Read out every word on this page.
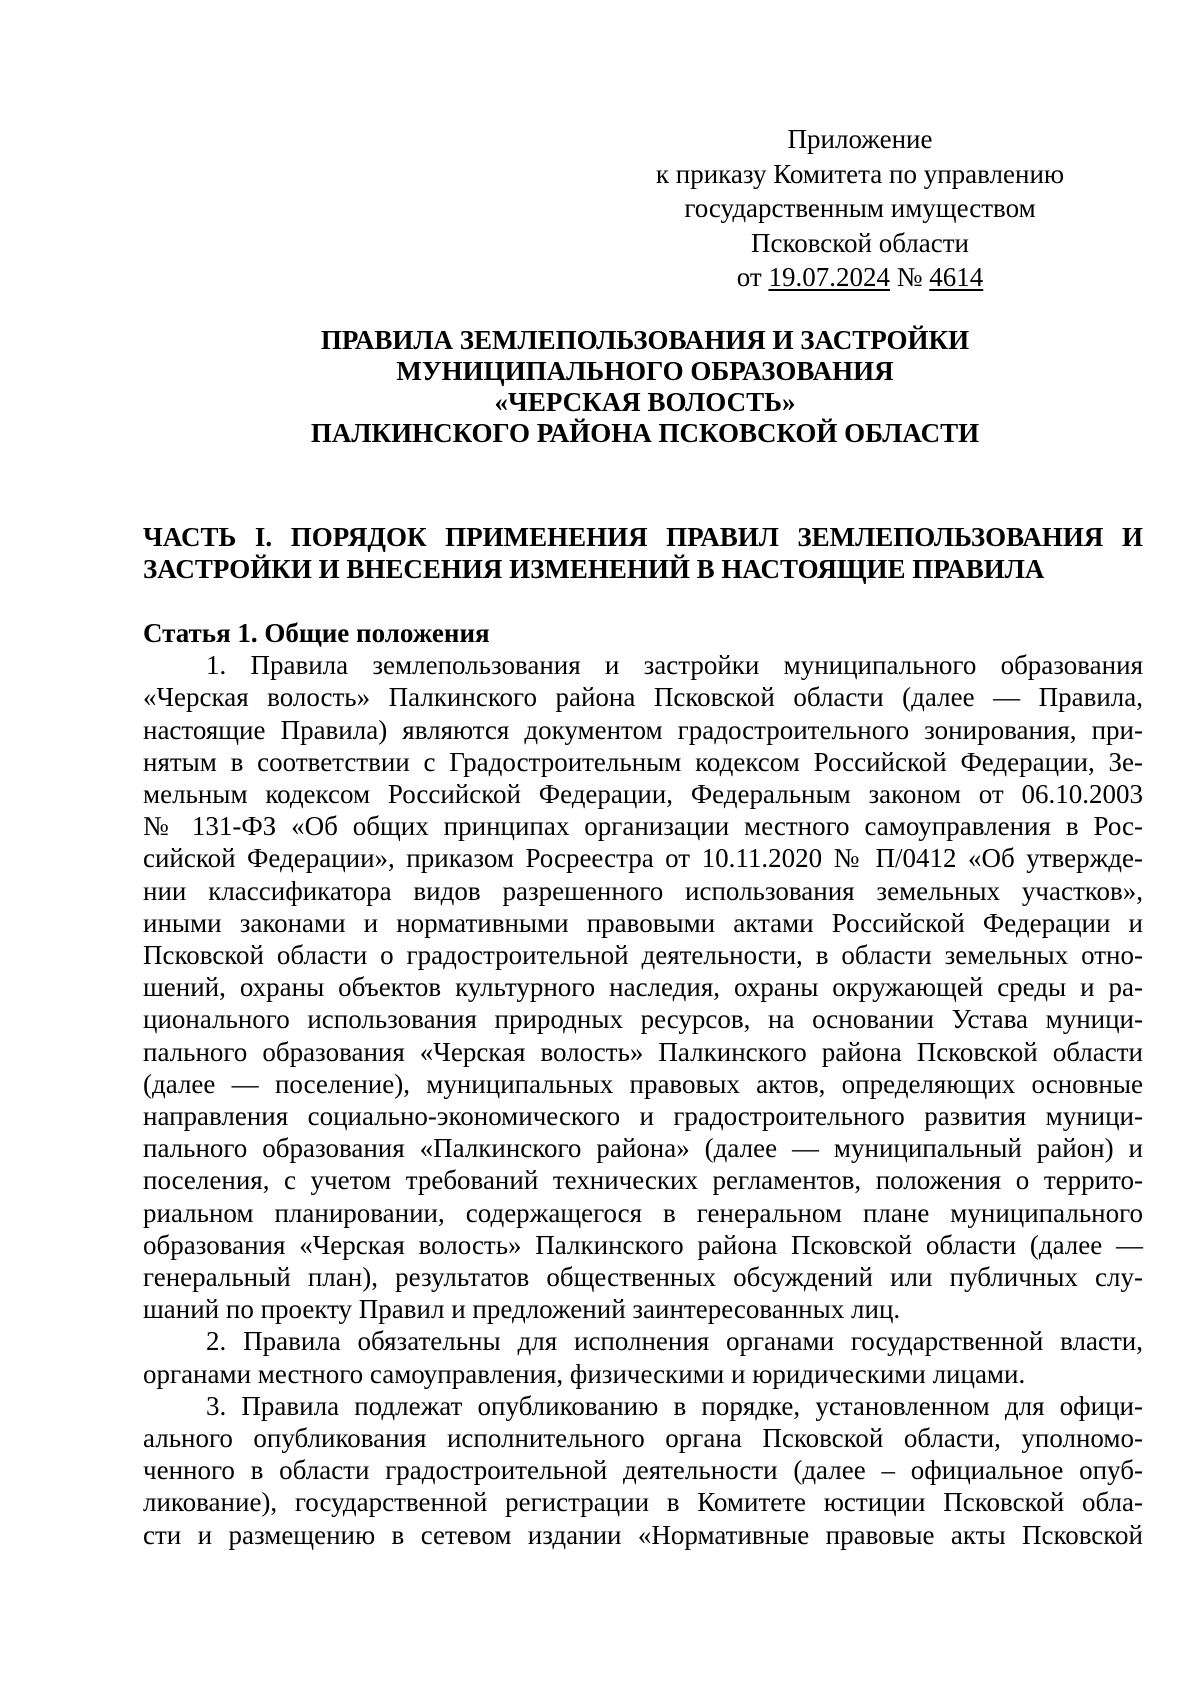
Приложение
к приказу Комитета по управлению
государственным имуществом
Псковской области
от 19.07.2024 № 4614
ПРАВИЛА ЗЕМЛЕПОЛЬЗОВАНИЯ И ЗАСТРОЙКИ
МУНИЦИПАЛЬНОГО ОБРАЗОВАНИЯ
«ЧЕРСКАЯ ВОЛОСТЬ»
ПАЛКИНСКОГО РАЙОНА ПСКОВСКОЙ ОБЛАСТИ
ЧАСТЬ I. ПОРЯДОК ПРИМЕНЕНИЯ ПРАВИЛ ЗЕМЛЕПОЛЬЗОВАНИЯ И
ЗАСТРОЙКИ И ВНЕСЕНИЯ ИЗМЕНЕНИЙ В НАСТОЯЩИЕ ПРАВИЛА
Статья 1. Общие положения
1. Правила землепользования и застройки муниципального образования
«Черская волость» Палкинского района Псковской области (далее — Правила,
настоящие Правила) являются документом градостроительного зонирования, при-
нятым в соответствии с Градостроительным кодексом Российской Федерации, Зе-
мельным кодексом Российской Федерации, Федеральным законом от 06.10.2003
№ 131-ФЗ «Об общих принципах организации местного самоуправления в Рос-
сийской Федерации», приказом Росреестра от 10.11.2020 № П/0412 «Об утвержде-
нии классификатора видов разрешенного использования земельных участков»,
иными законами и нормативными правовыми актами Российской Федерации и
Псковской области о градостроительной деятельности, в области земельных отно-
шений, охраны объектов культурного наследия, охраны окружающей среды и ра-
ционального использования природных ресурсов, на основании Устава муници-
пального образования «Черская волость» Палкинского района Псковской области
(далее — поселение), муниципальных правовых актов, определяющих основные
направления социально-экономического и градостроительного развития муници-
пального образования «Палкинского района» (далее — муниципальный район) и
поселения, с учетом требований технических регламентов, положения о террито-
риальном планировании, содержащегося в генеральном плане муниципального
образования «Черская волость» Палкинского района Псковской области (далее —
генеральный план), результатов общественных обсуждений или публичных слу-
шаний по проекту Правил и предложений заинтересованных лиц.
2. Правила обязательны для исполнения органами государственной власти,
органами местного самоуправления, физическими и юридическими лицами.
3. Правила подлежат опубликованию в порядке, установленном для офици-
ального опубликования исполнительного органа Псковской области, уполномо-
ченного в области градостроительной деятельности (далее – официальное опуб-
ликование), государственной регистрации в Комитете юстиции Псковской обла-
сти и размещению в сетевом издании «Нормативные правовые акты Псковской
